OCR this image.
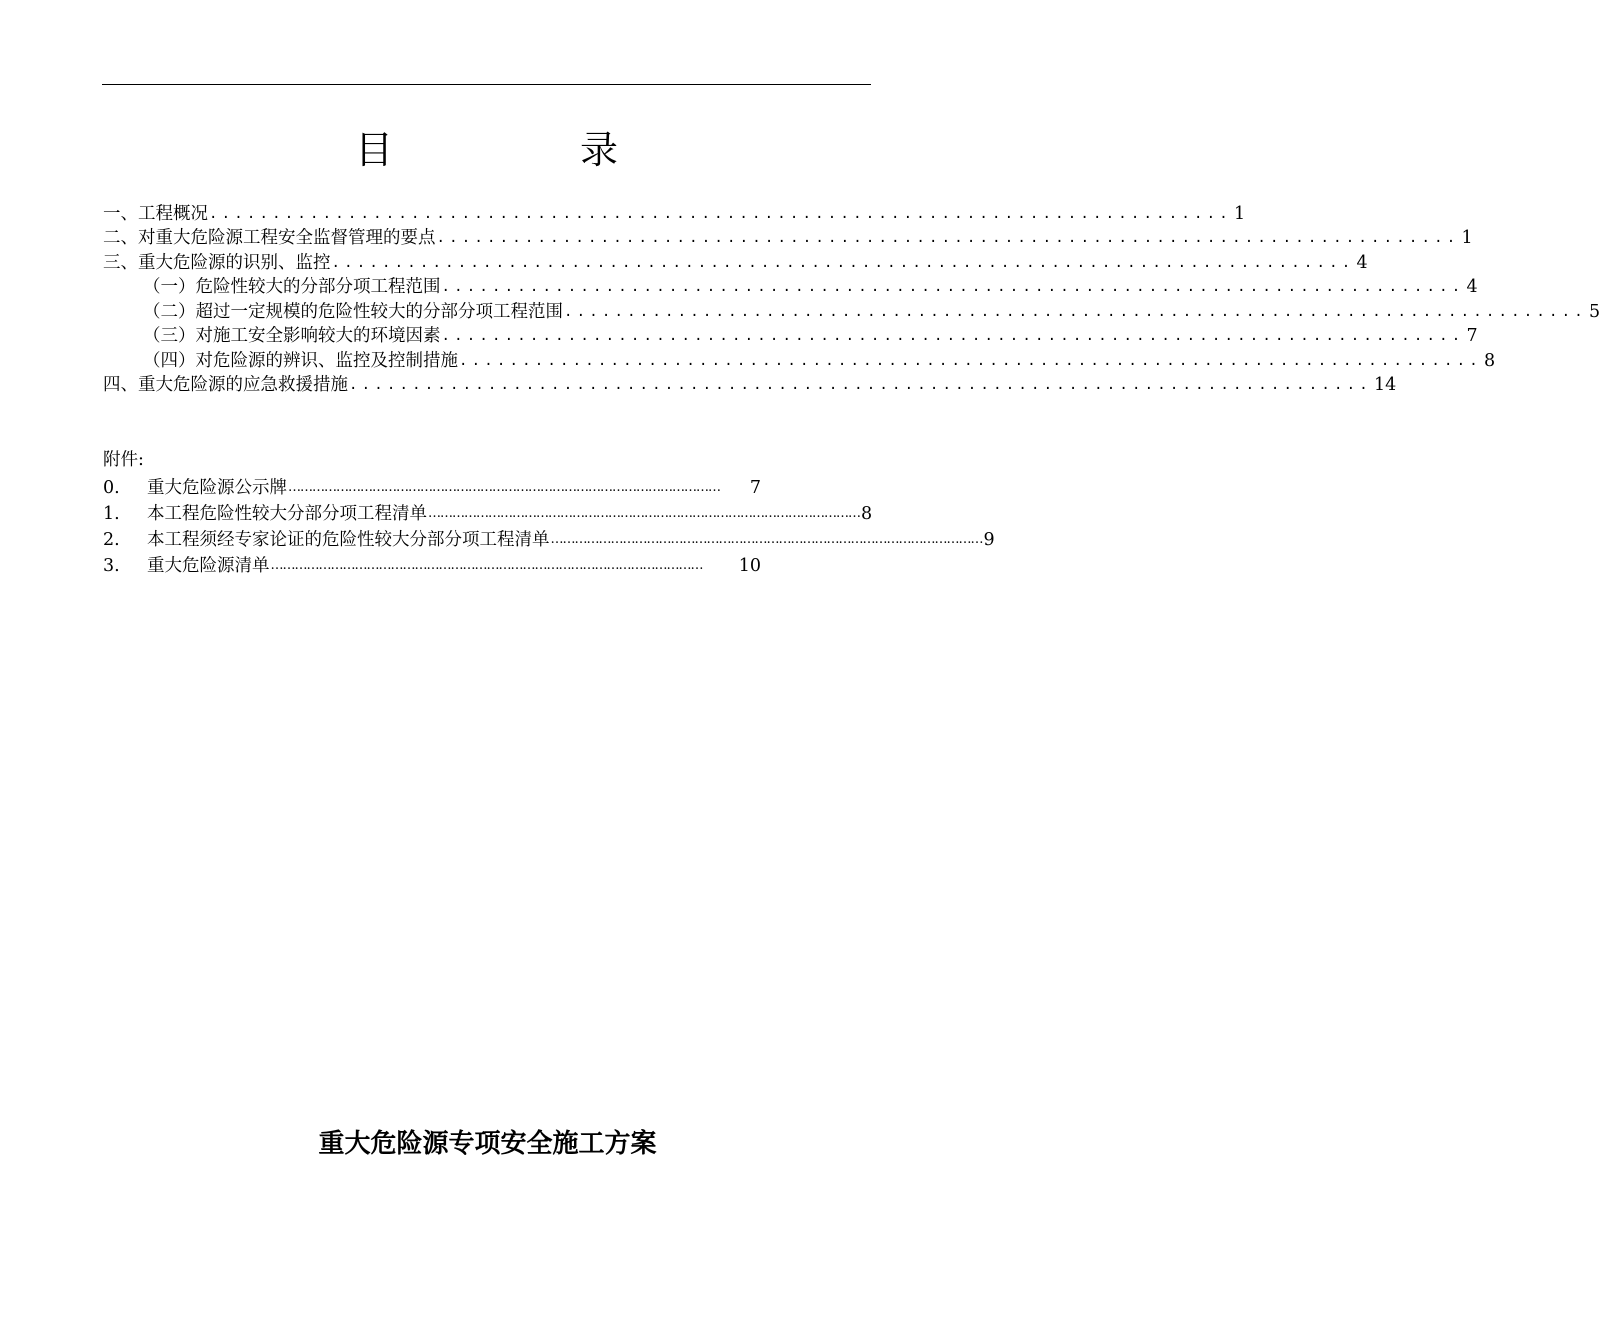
目	录
一、工程概况 ................................................................................. 1
二、对重大危险源工程安全监督管理的要点 ................................................................................. 1
三、重大危险源的识别、监控 ................................................................................. 4
（一）危险性较大的分部分项工程范围 ................................................................................. 4
（二）超过一定规模的危险性较大的分部分项工程范围 ................................................................................. 5
（三）对施工安全影响较大的环境因素 ................................................................................. 7
（四）对危险源的辨识、监控及控制措施 ................................................................................. 8
四、重大危险源的应急救援措施 ................................................................................. 14
附件:
0.	重大危险源公示牌 ………………………………………………………………………………………………	7
1.	本工程危险性较大分部分项工程清单 ……………………………………………………………………………………………… 8
2.	本工程须经专家论证的危险性较大分部分项工程清单 ……………………………………………………………………………………………… 9
3.	重大危险源清单 ………………………………………………………………………………………………	10
重大危险源专项安全施工方案
